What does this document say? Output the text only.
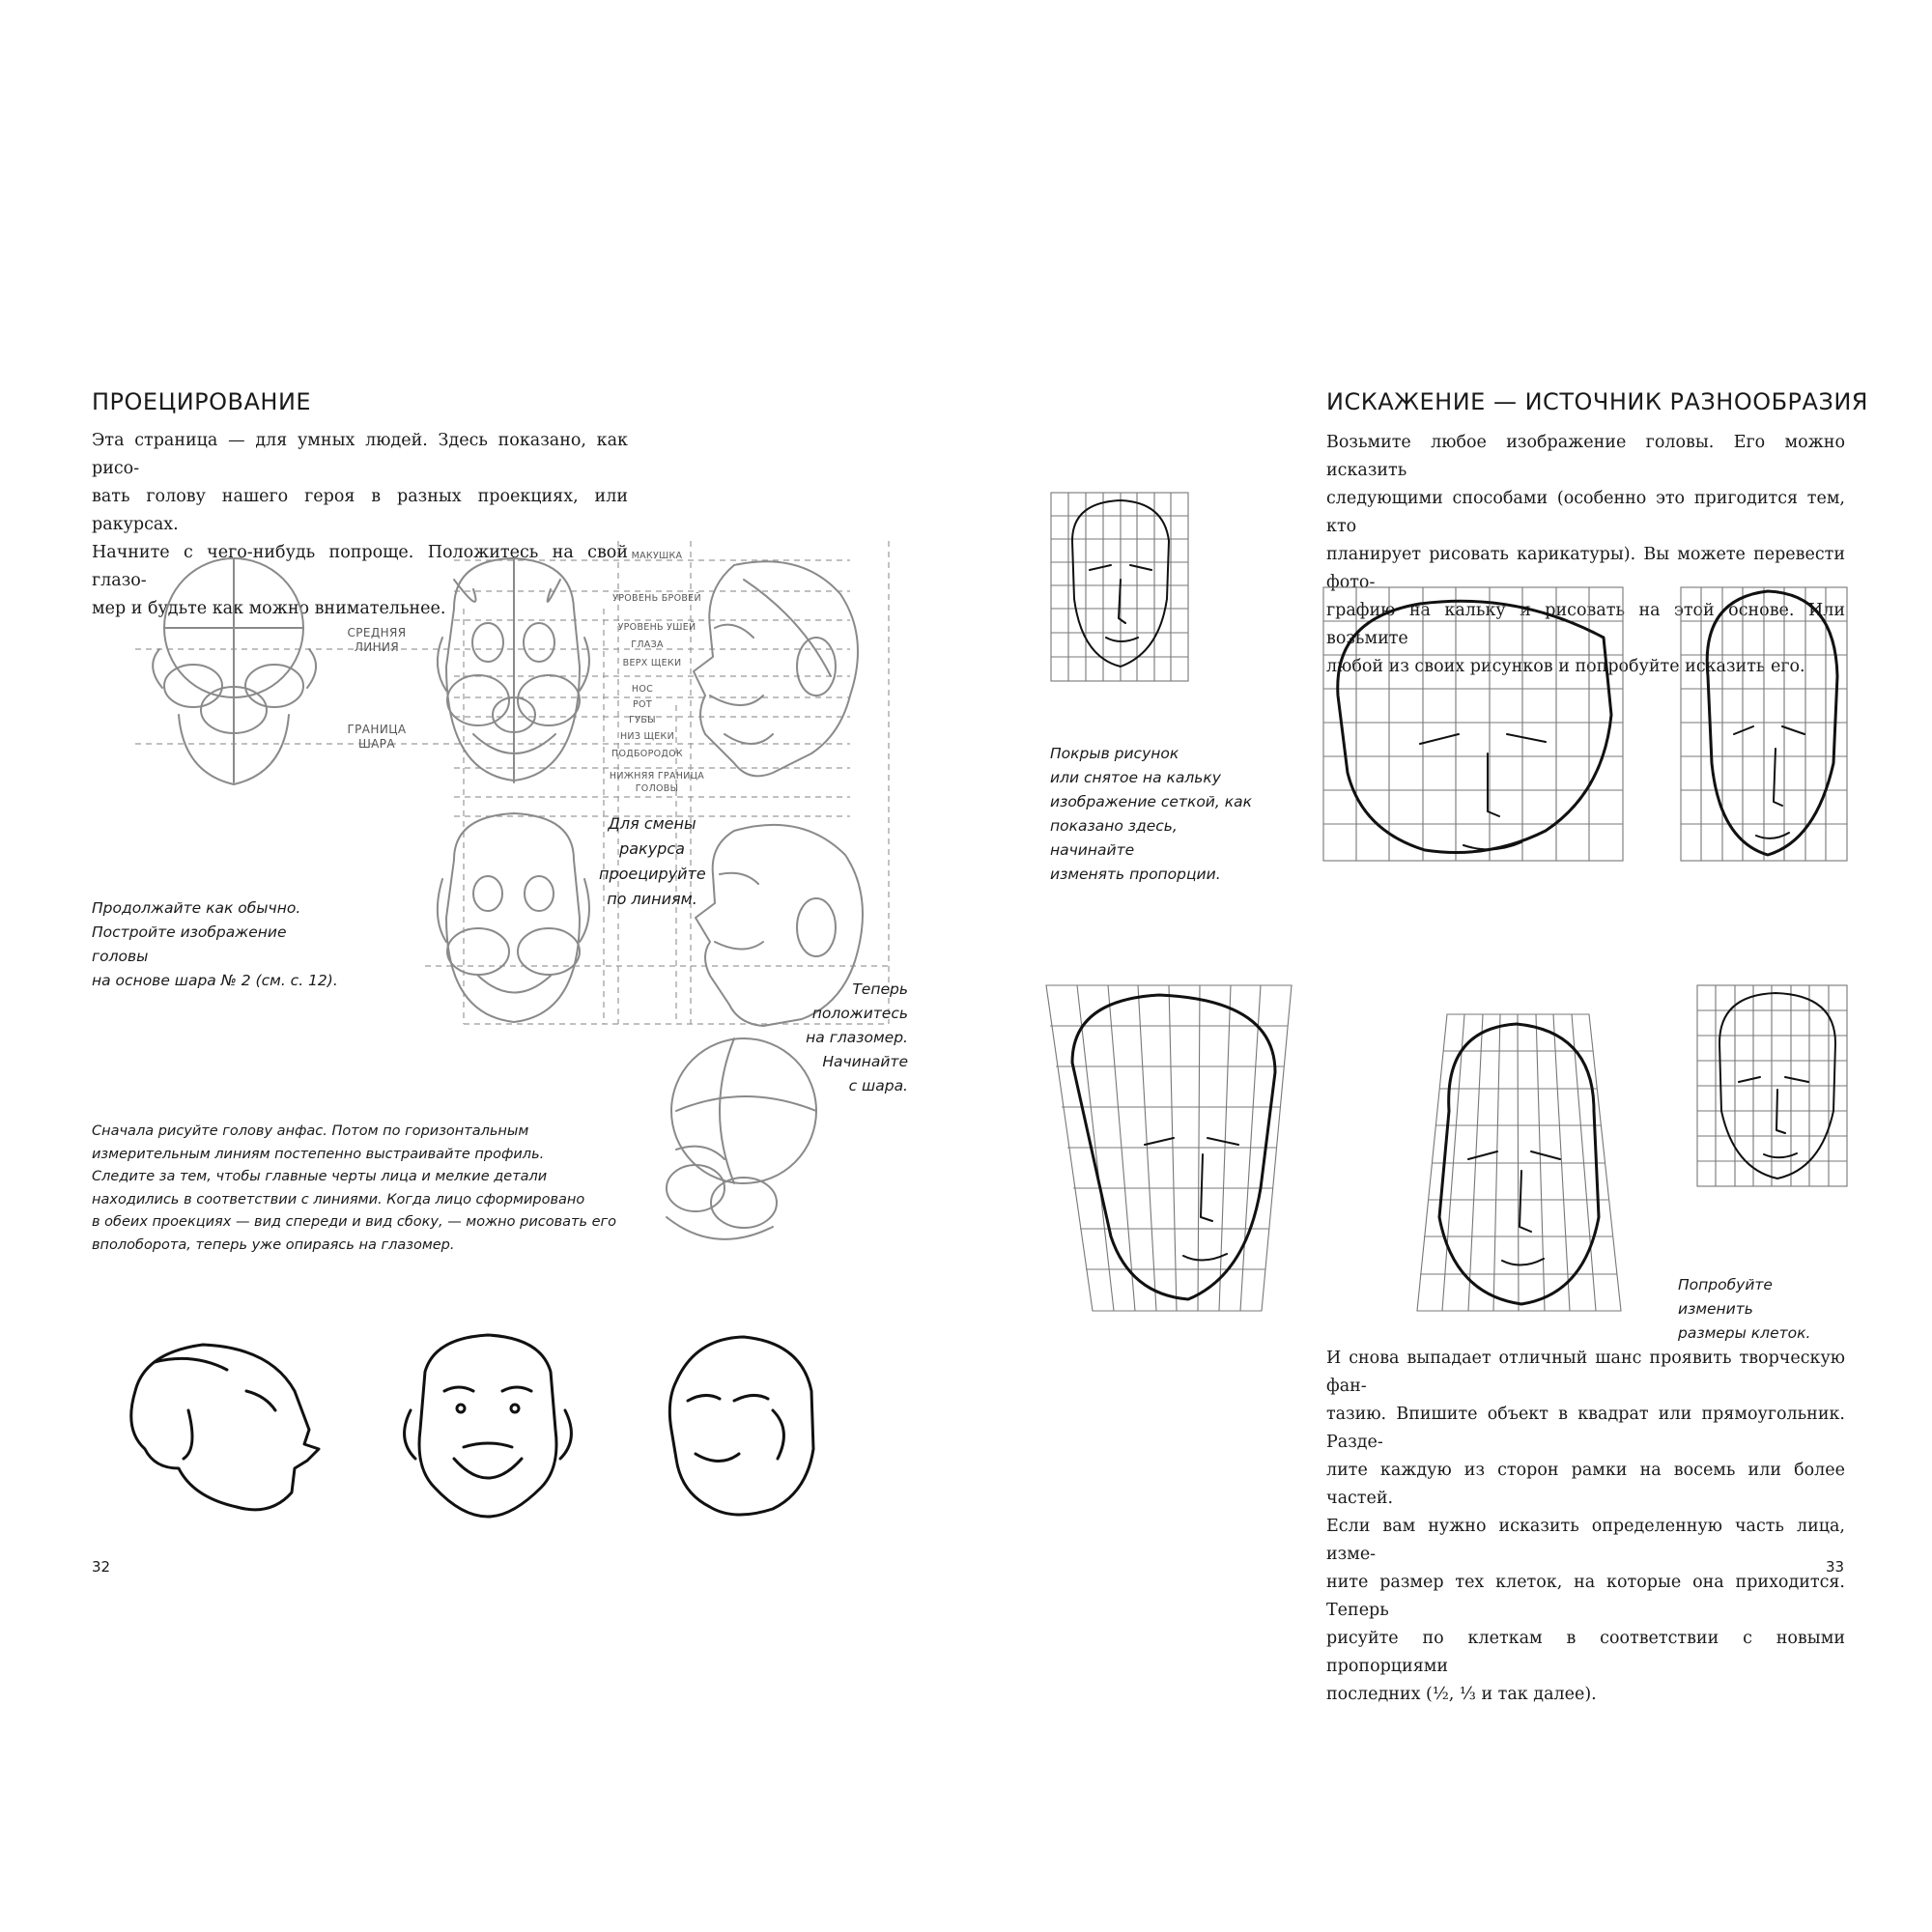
ПРОЕЦИРОВАНИЕ
Эта страница — для умных людей. Здесь показано, как рисо-
вать голову нашего героя в разных проекциях, или ракурсах.
Начните с чего-нибудь попроще. Положитесь на свой глазо-
мер и будьте как можно внимательнее.
МАКУШКА
УРОВЕНЬ БРОВЕЙ
УРОВЕНЬ УШЕЙ
ГЛАЗА
ВЕРХ ЩЕКИ
НОС
РОТ
ГУБЫ
НИЗ ЩЕКИ
ПОДБОРОДОК
НИЖНЯЯ ГРАНИЦА
ГОЛОВЫ
СРЕДНЯЯ
ЛИНИЯ
ГРАНИЦА
ШАРА
Для смены
ракурса
проецируйте
по линиям.
Продолжайте как обычно.
Постройте изображение головы
на основе шара № 2 (см. с. 12).	Теперь
положитесь
на глазомер.
Начинайте
с шара.
Сначала рисуйте голову анфас. Потом по горизонтальным
измерительным линиям постепенно выстраивайте профиль.
Следите за тем, чтобы главные черты лица и мелкие детали
находились в соответствии с линиями. Когда лицо сформировано
в обеих проекциях — вид спереди и вид сбоку, — можно рисовать его
вполоборота, теперь уже опираясь на глазомер.
32
ИСКАЖЕНИЕ — ИСТОЧНИК РАЗНООБРАЗИЯ
Возьмите любое изображение головы. Его можно исказить
следующими способами (особенно это пригодится тем, кто
планирует рисовать карикатуры). Вы можете перевести фото-
графию на кальку и рисовать на этой основе. Или возьмите
любой из своих рисунков и попробуйте исказить его.
Покрыв рисунок
или снятое на кальку
изображение сеткой, как
показано здесь, начинайте
изменять пропорции.
Попробуйте изменить
размеры клеток.
И снова выпадает отличный шанс проявить творческую фан-
тазию. Впишите объект в квадрат или прямоугольник. Разде-
лите каждую из сторон рамки на восемь или более частей.
Если вам нужно исказить определенную часть лица, изме-
ните размер тех клеток, на которые она приходится. Теперь
рисуйте по клеткам в соответствии с новыми пропорциями
последних (½, ⅓ и так далее).
33
